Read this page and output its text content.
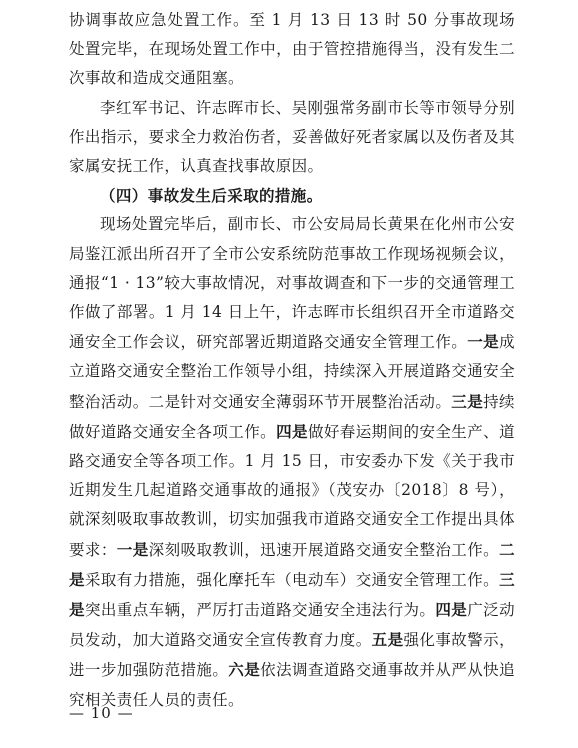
协调事故应急处置工作。至 1 月 13 日 13 时 50 分事故现场处置完毕，在现场处置工作中，由于管控措施得当，没有发生二次事故和造成交通阻塞。

李红军书记、许志晖市长、吴刚强常务副市长等市领导分别作出指示，要求全力救治伤者，妥善做好死者家属以及伤者及其家属安抚工作，认真查找事故原因。

（四）事故发生后采取的措施。

现场处置完毕后，副市长、市公安局局长黄果在化州市公安局鉴江派出所召开了全市公安系统防范事故工作现场视频会议，通报“1 · 13”较大事故情况，对事故调查和下一步的交通管理工作做了部署。1 月 14 日上午，许志晖市长组织召开全市道路交通安全工作会议，研究部署近期道路交通安全管理工作。一是成立道路交通安全整治工作领导小组，持续深入开展道路交通安全整治活动。二是针对交通安全薄弱环节开展整治活动。三是持续做好道路交通安全各项工作。四是做好春运期间的安全生产、道路交通安全等各项工作。1 月 15 日，市安委办下发《关于我市近期发生几起道路交通事故的通报》（茂安办〔2018〕8 号），就深刻吸取事故教训，切实加强我市道路交通安全工作提出具体要求：一是深刻吸取教训，迅速开展道路交通安全整治工作。二是采取有力措施，强化摩托车（电动车）交通安全管理工作。三是突出重点车辆，严厉打击道路交通安全违法行为。四是广泛动员发动，加大道路交通安全宣传教育力度。五是强化事故警示，进一步加强防范措施。六是依法调查道路交通事故并从严从快追究相关责任人员的责任。

— 10 —
